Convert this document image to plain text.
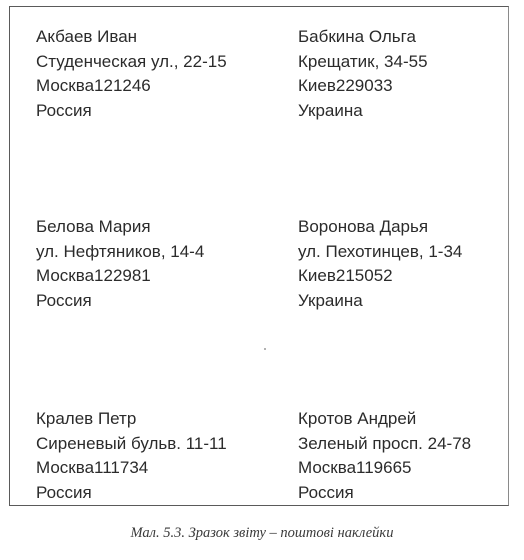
Акбаев Иван
Студенческая ул., 22-15
Москва121246
Россия
Бабкина Ольга
Крещатик, 34-55
Киев229033
Украина
Белова Мария
ул. Нефтяников, 14-4
Москва122981
Россия
Воронова Дарья
ул. Пехотинцев, 1-34
Киев215052
Украина
Кралев Петр
Сиреневый бульв. 11-11
Москва111734
Россия
Кротов Андрей
Зеленый просп. 24-78
Москва119665
Россия
Мал. 5.3. Зразок звіту – поштові наклейки
